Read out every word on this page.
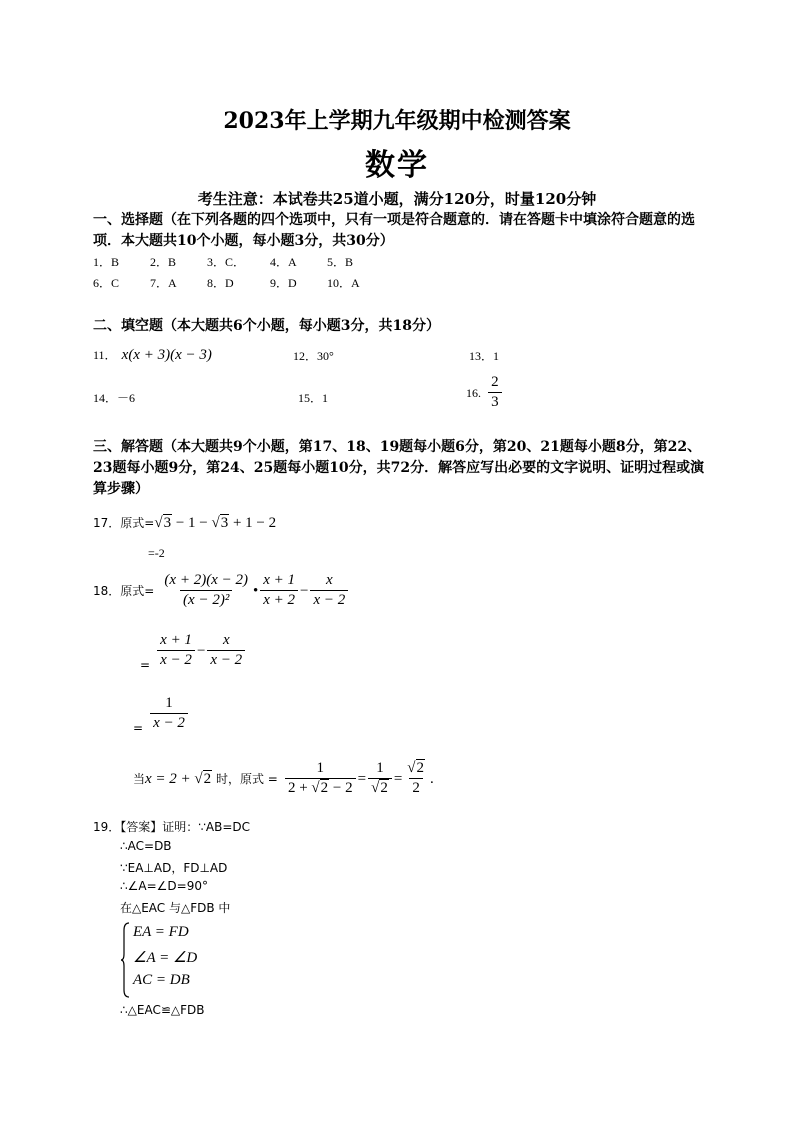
2023年上学期九年级期中检测答案
数学
考生注意：本试卷共25道小题，满分120分，时量120分钟
一、选择题（在下列各题的四个选项中，只有一项是符合题意的．请在答题卡中填涂符合题意的选项．本大题共10个小题，每小题3分，共30分）
1．B	2．B	3．C． 4．A	5．B
6．C	7．A	8．D	9．D	10．A
二、填空题（本大题共6个小题，每小题3分，共18分）
11． x(x + 3)(x − 3)	12．30°	13．1
14．－6	15．1	16. $\frac{2}{3}$
三、解答题（本大题共9个小题，第17、18、19题每小题6分，第20、21题每小题8分，第22、23题每小题9分，第24、25题每小题10分，共72分．解答应写出必要的文字说明、证明过程或演算步骤）
17．原式=√3 − 1 − √3 + 1 − 2
=-2
18．原式= $\frac{(x + 2)(x - 2)}{\text{(x − 2)²}}$ • $\frac{x + 1}{x + 2} - \frac{x}{x - 2}$
$_= \frac{x + 1}{x - 2} - \frac{x}{x - 2}$
$_= \frac{1}{x - 2}$
当x = 2 + √2 时，原式 = $\frac{1}{2 + √2 - 2} = \frac{1}{√2} = \frac{√2}{2}$ .
19．【答案】证明：∵AB=DC
∴AC=DB
∵EA⊥AD，FD⊥AD
∴∠A=∠D=90°
在△EAC 与△FDB 中
EA = FD
∠A = ∠D
AC = DB
∴△EAC≌△FDB
